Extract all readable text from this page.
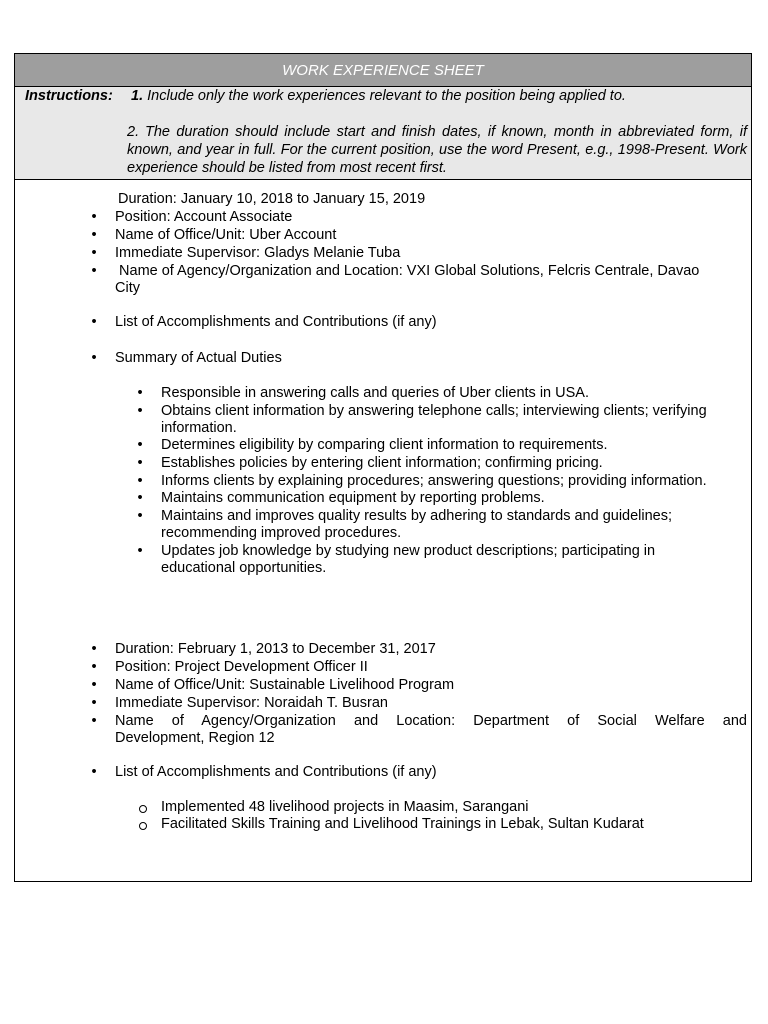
WORK EXPERIENCE SHEET
Instructions: 1. Include only the work experiences relevant to the position being applied to.
2. The duration should include start and finish dates, if known, month in abbreviated form, if known, and year in full. For the current position, use the word Present, e.g., 1998-Present. Work experience should be listed from most recent first.
Duration: January 10, 2018 to January 15, 2019
• Position: Account Associate
• Name of Office/Unit: Uber Account
• Immediate Supervisor: Gladys Melanie Tuba
• Name of Agency/Organization and Location: VXI Global Solutions, Felcris Centrale, Davao
City
• List of Accomplishments and Contributions (if any)
• Summary of Actual Duties
• Responsible in answering calls and queries of Uber clients in USA.
• Obtains client information by answering telephone calls; interviewing clients; verifying
information.
• Determines eligibility by comparing client information to requirements.
• Establishes policies by entering client information; confirming pricing.
• Informs clients by explaining procedures; answering questions; providing information.
• Maintains communication equipment by reporting problems.
• Maintains and improves quality results by adhering to standards and guidelines;
recommending improved procedures.
• Updates job knowledge by studying new product descriptions; participating in
educational opportunities.
• Duration: February 1, 2013 to December 31, 2017
• Position: Project Development Officer II
• Name of Office/Unit: Sustainable Livelihood Program
• Immediate Supervisor: Noraidah T. Busran
• Name of Agency/Organization and Location: Department of Social Welfare and
Development, Region 12
• List of Accomplishments and Contributions (if any)
Implemented 48 livelihood projects in Maasim, Sarangani
Facilitated Skills Training and Livelihood Trainings in Lebak, Sultan Kudarat
